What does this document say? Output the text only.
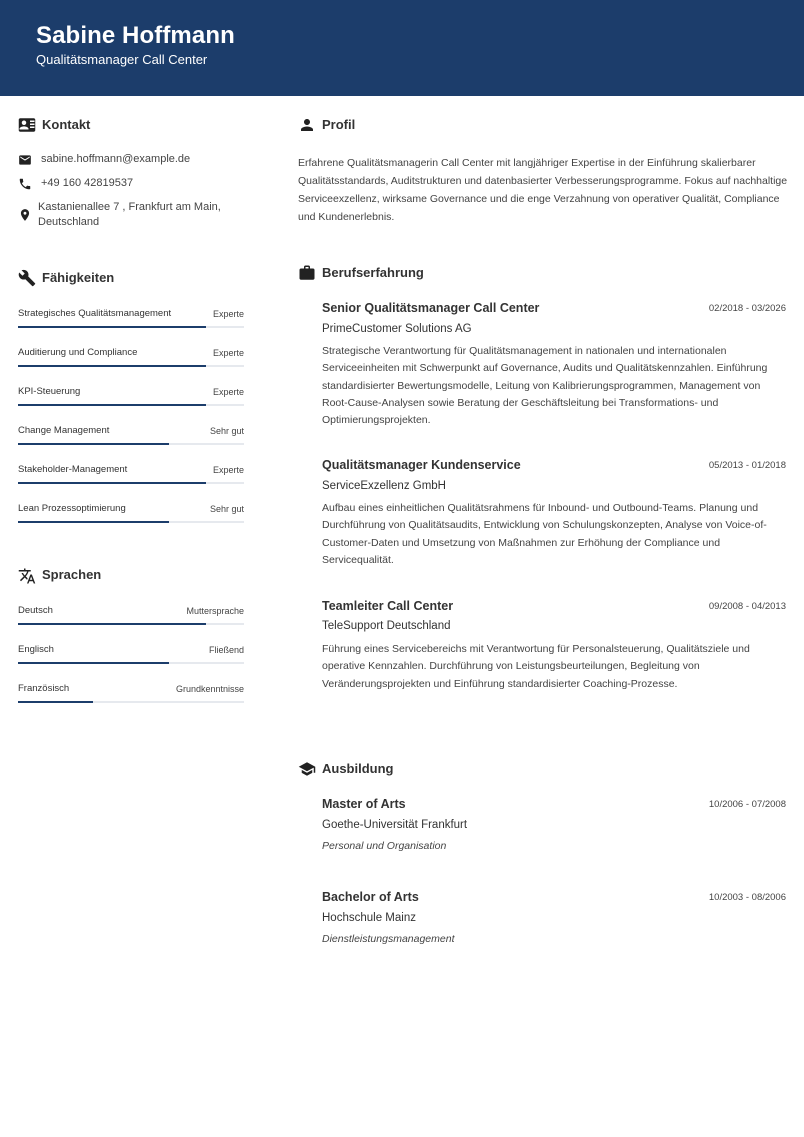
Sabine Hoffmann
Qualitätsmanager Call Center
Kontakt
sabine.hoffmann@example.de
+49 160 42819537
Kastanienallee 7 , Frankfurt am Main,
Deutschland
Fähigkeiten
Strategisches Qualitätsmanagement	Experte
Auditierung und Compliance	Experte
KPI-Steuerung	Experte
Change Management	Sehr gut
Stakeholder-Management	Experte
Lean Prozessoptimierung	Sehr gut
Sprachen
Deutsch	Muttersprache
Englisch	Fließend
Französisch	Grundkenntnisse
Profil
Erfahrene Qualitätsmanagerin Call Center mit langjähriger Expertise in der Einführung skalierbarer Qualitätsstandards, Auditstrukturen und datenbasierter Verbesserungsprogramme. Fokus auf nachhaltige Serviceexzellenz, wirksame Governance und die enge Verzahnung von operativer Qualität, Compliance und Kundenerlebnis.
Berufserfahrung
Senior Qualitätsmanager Call Center	02/2018 - 03/2026
PrimeCustomer Solutions AG
Strategische Verantwortung für Qualitätsmanagement in nationalen und internationalen Serviceeinheiten mit Schwerpunkt auf Governance, Audits und Qualitätskennzahlen. Einführung standardisierter Bewertungsmodelle, Leitung von Kalibrierungsprogrammen, Management von Root-Cause-Analysen sowie Beratung der Geschäftsleitung bei Transformations- und Optimierungsprojekten.
Qualitätsmanager Kundenservice	05/2013 - 01/2018
ServiceExzellenz GmbH
Aufbau eines einheitlichen Qualitätsrahmens für Inbound- und Outbound-Teams. Planung und Durchführung von Qualitätsaudits, Entwicklung von Schulungskonzepten, Analyse von Voice-of-Customer-Daten und Umsetzung von Maßnahmen zur Erhöhung der Compliance und Servicequalität.
Teamleiter Call Center	09/2008 - 04/2013
TeleSupport Deutschland
Führung eines Servicebereichs mit Verantwortung für Personalsteuerung, Qualitätsziele und operative Kennzahlen. Durchführung von Leistungsbeurteilungen, Begleitung von Veränderungsprojekten und Einführung standardisierter Coaching-Prozesse.
Ausbildung
Master of Arts	10/2006 - 07/2008
Goethe-Universität Frankfurt
Personal und Organisation
Bachelor of Arts	10/2003 - 08/2006
Hochschule Mainz
Dienstleistungsmanagement
